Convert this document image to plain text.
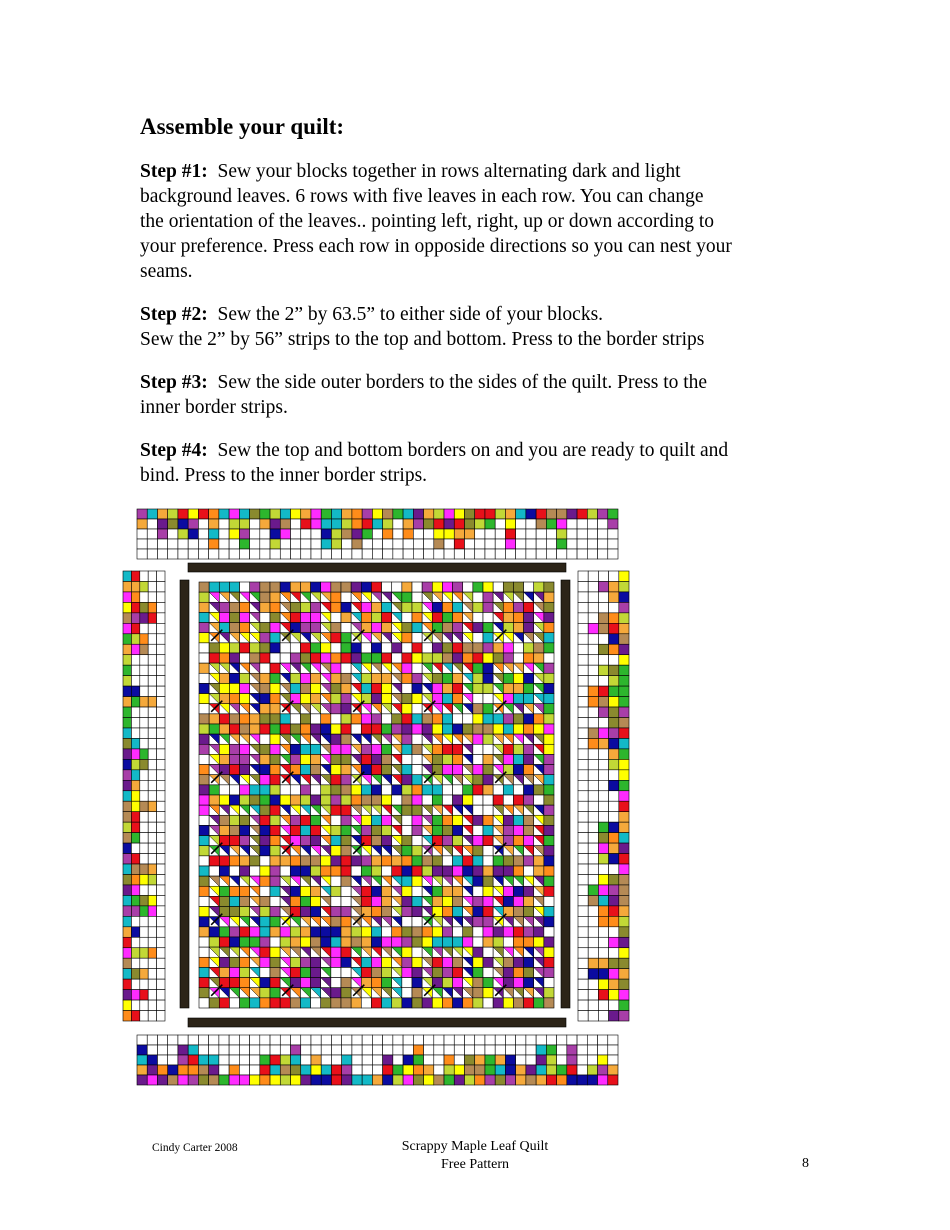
Assemble your quilt:
Step #1: Sew your blocks together in rows alternating dark and light
background leaves. 6 rows with five leaves in each row. You can change
the orientation of the leaves.. pointing left, right, up or down according to
your preference. Press each row in opposide directions so you can nest your
seams.
Step #2: Sew the 2” by 63.5” to either side of your blocks.
Sew the 2” by 56” strips to the top and bottom. Press to the border strips
Step #3: Sew the side outer borders to the sides of the quilt. Press to the
inner border strips.
Step #4: Sew the top and bottom borders on and you are ready to quilt and
bind. Press to the inner border strips.
Cindy Carter 2008	Scrappy Maple Leaf Quilt
Free Pattern	8
